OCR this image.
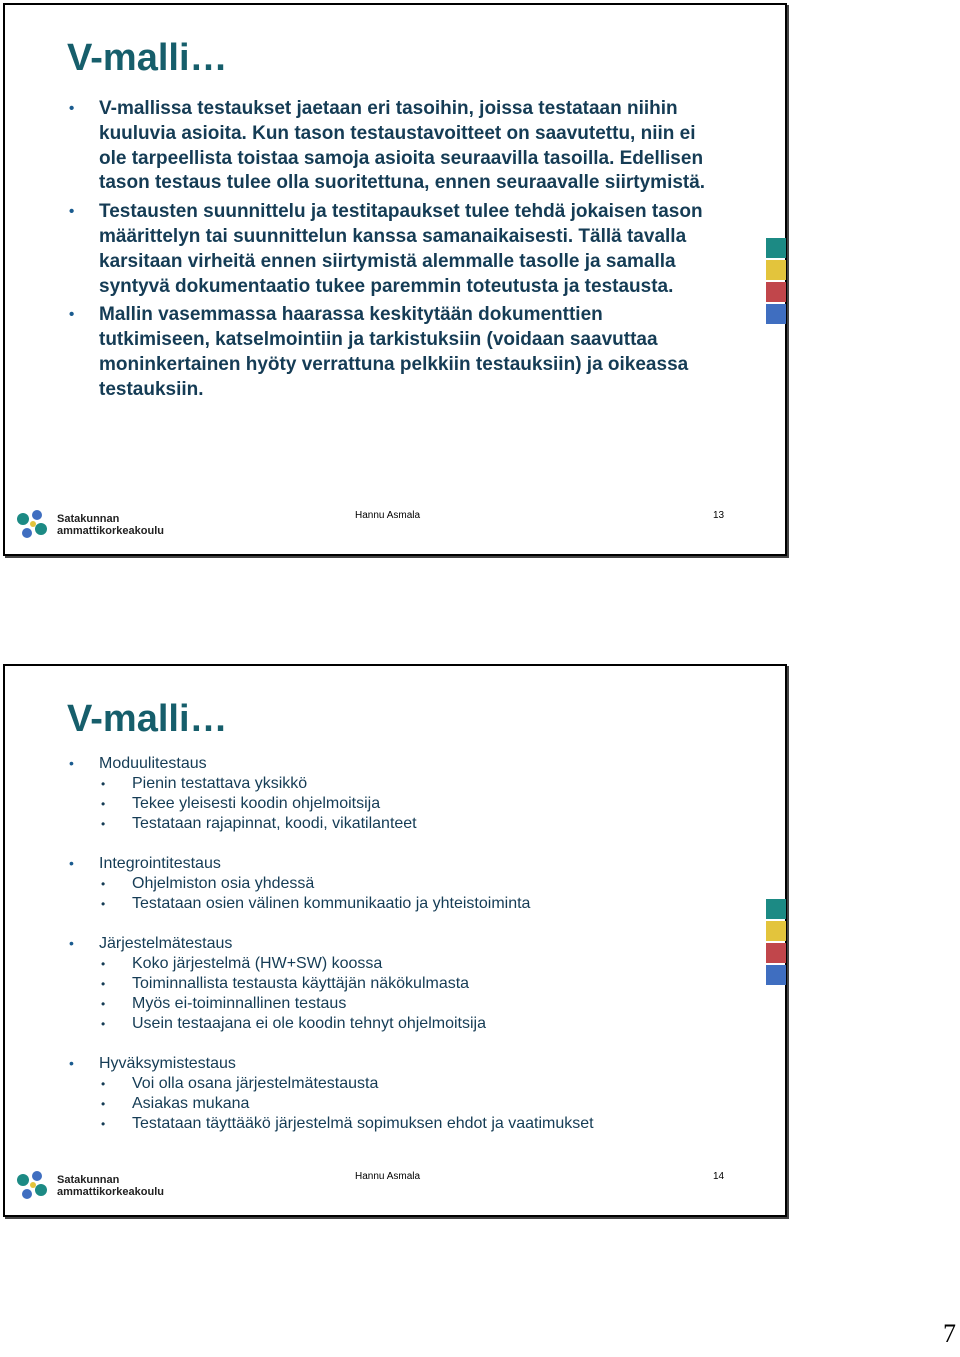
V-malli…
• V-mallissa testaukset jaetaan eri tasoihin, joissa testataan niihin kuuluvia asioita. Kun tason testaustavoitteet on saavutettu, niin ei ole tarpeellista toistaa samoja asioita seuraavilla tasoilla. Edellisen tason testaus tulee olla suoritettuna, ennen seuraavalle siirtymistä.
• Testausten suunnittelu ja testitapaukset tulee tehdä jokaisen tason määrittelyn tai suunnittelun kanssa samanaikaisesti. Tällä tavalla karsitaan virheitä ennen siirtymistä alemmalle tasolle ja samalla syntyvä dokumentaatio tukee paremmin toteutusta ja testausta.
• Mallin vasemmassa haarassa keskitytään dokumenttien tutkimiseen, katselmointiin ja tarkistuksiin (voidaan saavuttaa moninkertainen hyöty verrattuna pelkkiin testauksiin) ja oikeassa testauksiin.
Satakunnan
ammattikorkeakoulu
Hannu Asmala	13
V-malli…
• Moduulitestaus
• Pienin testattava yksikkö
• Tekee yleisesti koodin ohjelmoitsija
• Testataan rajapinnat, koodi, vikatilanteet
• Integrointitestaus
• Ohjelmiston osia yhdessä
• Testataan osien välinen kommunikaatio ja yhteistoiminta
• Järjestelmätestaus
• Koko järjestelmä (HW+SW) koossa
• Toiminnallista testausta käyttäjän näkökulmasta
• Myös ei-toiminnallinen testaus
• Usein testaajana ei ole koodin tehnyt ohjelmoitsija
• Hyväksymistestaus
• Voi olla osana järjestelmätestausta
• Asiakas mukana
• Testataan täyttääkö järjestelmä sopimuksen ehdot ja vaatimukset
Satakunnan
ammattikorkeakoulu
Hannu Asmala	14
7
